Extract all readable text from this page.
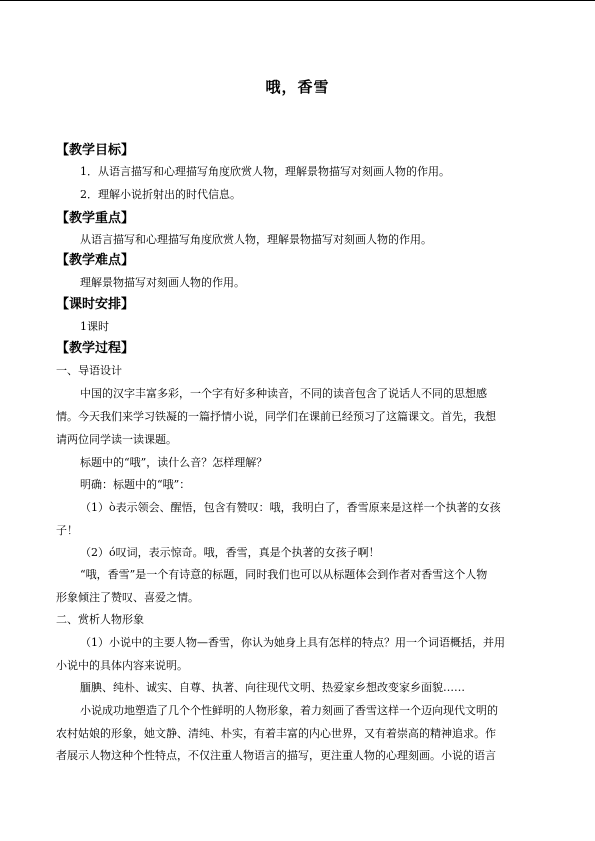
哦，香雪
【教学目标】
1．从语言描写和心理描写角度欣赏人物，理解景物描写对刻画人物的作用。
2．理解小说折射出的时代信息。
【教学重点】
从语言描写和心理描写角度欣赏人物，理解景物描写对刻画人物的作用。
【教学难点】
理解景物描写对刻画人物的作用。
【课时安排】
1课时
【教学过程】
一、导语设计
中国的汉字丰富多彩，一个字有好多种读音，不同的读音包含了说话人不同的思想感
情。今天我们来学习铁凝的一篇抒情小说，同学们在课前已经预习了这篇课文。首先，我想
请两位同学读一读课题。
标题中的“哦”，读什么音？怎样理解？
明确：标题中的“哦”：
（1）ò表示领会、醒悟，包含有赞叹：哦，我明白了，香雪原来是这样一个执著的女孩
子！
（2）ó叹词，表示惊奇。哦，香雪，真是个执著的女孩子啊！
“哦，香雪”是一个有诗意的标题，同时我们也可以从标题体会到作者对香雪这个人物
形象倾注了赞叹、喜爱之情。
二、赏析人物形象
（1）小说中的主要人物—香雪，你认为她身上具有怎样的特点？用一个词语概括，并用
小说中的具体内容来说明。
腼腆、纯朴、诚实、自尊、执著、向往现代文明、热爱家乡想改变家乡面貌……
小说成功地塑造了几个个性鲜明的人物形象，着力刻画了香雪这样一个迈向现代文明的
农村姑娘的形象，她文静、清纯、朴实，有着丰富的内心世界，又有着崇高的精神追求。作
者展示人物这种个性特点，不仅注重人物语言的描写，更注重人物的心理刻画。小说的语言
